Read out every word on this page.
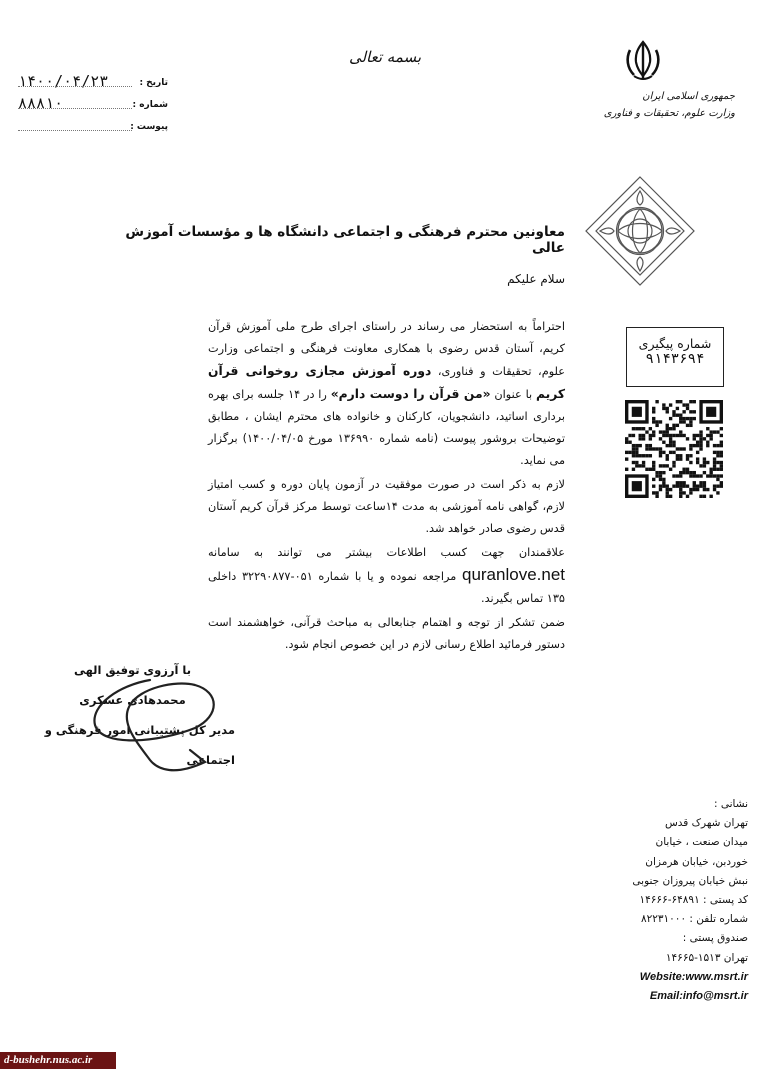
بسمه تعالی
جمهوری اسلامی ایران
وزارت علوم، تحقیقات و فناوری
۱۴۰۰/۰۴/۲۳	تاریخ :
۸۸۸۱۰	شماره :
پیوست :
معاونین محترم فرهنگی و اجتماعی دانشگاه ها و مؤسسات آموزش عالی
سلام علیکم

احتراماً به استحضار می رساند در راستای اجرای طرح ملی آموزش قرآن کریم، آستان قدس رضوی با همکاری معاونت فرهنگی و اجتماعی وزارت علوم، تحقیقات و فناوری، دوره آموزش مجازی روخوانی قرآن کریم با عنوان «من قرآن را دوست دارم» را در ۱۴ جلسه برای بهره برداری اساتید، دانشجویان، کارکنان و خانواده های محترم ایشان ، مطابق توضیحات بروشور پیوست (نامه شماره ۱۳۶۹۹۰ مورخ ۱۴۰۰/۰۴/۰۵) برگزار می نماید.

لازم به ذکر است در صورت موفقیت در آزمون پایان دوره و کسب امتیاز لازم، گواهی نامه آموزشی به مدت ۱۴ساعت توسط مرکز قرآن کریم آستان قدس رضوی صادر خواهد شد.

علاقمندان جهت کسب اطلاعات بیشتر می توانند به سامانه quranlove.net مراجعه نموده و یا با شماره ۰۵۱-۳۲۲۹۰۸۷۷ داخلی ۱۳۵ تماس بگیرند.

ضمن تشکر از توجه و اهتمام جنابعالی به مباحث قرآنی، خواهشمند است دستور فرمائید اطلاع رسانی لازم در این خصوص انجام شود.

شماره پیگیری
۹۱۴۳۶۹۴
با آرزوی توفیق الهی
محمدهادی عسکری
مدیر کل پشتیبانی امور فرهنگی و اجتماعی
نشانی :
تهران شهرک قدس
میدان صنعت ، خیابان
خوردبن، خیابان هرمزان
نبش خیابان پیروزان جنوبی
کد پستی : ۶۴۸۹۱-۱۴۶۶۶
شماره تلفن : ۸۲۲۳۱۰۰۰
صندوق پستی :
تهران ۱۵۱۳-۱۴۶۶۵
Website:www.msrt.ir
Email:info@msrt.ir
d-bushehr.nus.ac.ir
